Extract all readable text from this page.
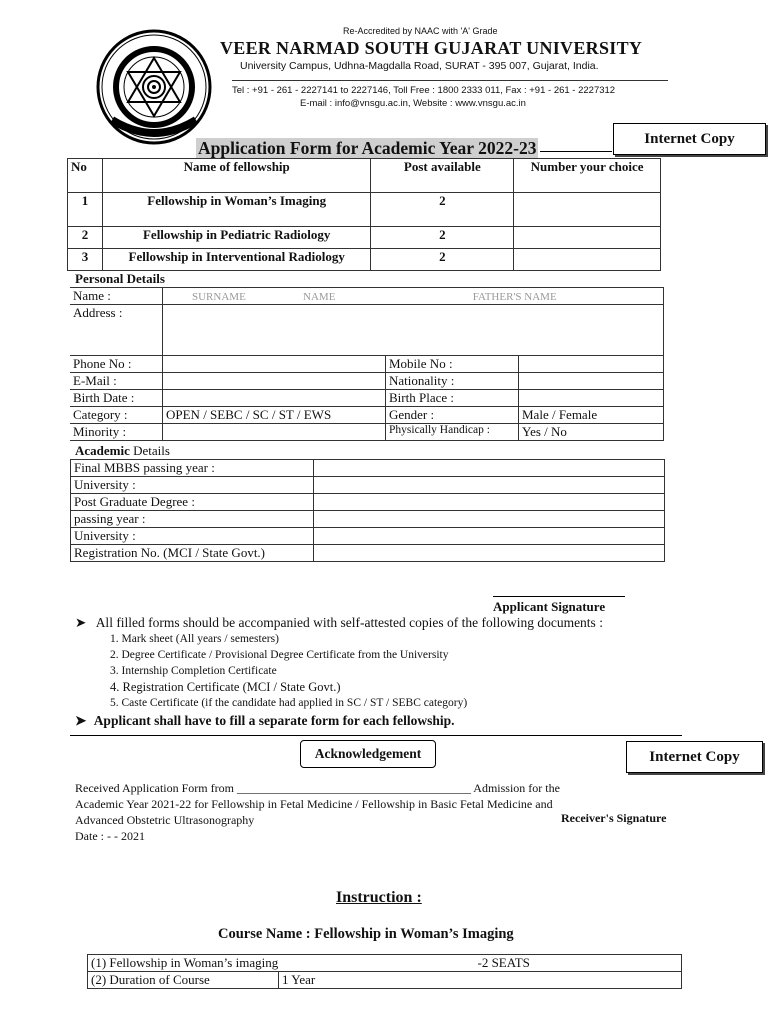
Re-Accredited by NAAC with 'A' Grade
VEER NARMAD SOUTH GUJARAT UNIVERSITY
University Campus, Udhna-Magdalla Road, SURAT - 395 007, Gujarat, India.
Tel : +91 - 261 - 2227141 to 2227146, Toll Free : 1800 2333 011, Fax : +91 - 261 - 2227312
E-mail : info@vnsgu.ac.in, Website : www.vnsgu.ac.in
Internet Copy
Application Form for Academic Year 2022-23
No	Name of fellowship	Post available	Number your choice
1	Fellowship in Woman’s Imaging	2	
2	Fellowship in Pediatric Radiology	2	
3	Fellowship in Interventional Radiology	2	
Personal Details
Name :	SURNAME NAME FATHER'S NAME		
Address :			
Phone No :		Mobile No :	
E-Mail :		Nationality :	
Birth Date :		Birth Place :	
Category :	OPEN / SEBC / SC / ST / EWS	Gender :	Male / Female
Minority :		Physically Handicap :	Yes / No
Academic Details
Final MBBS passing year :	
University :	
Post Graduate Degree :	
passing year :	
University :	
Registration No. (MCI / State Govt.)	
Applicant Signature
➤ All filled forms should be accompanied with self-attested copies of the following documents :
1. Mark sheet (All years / semesters)
2. Degree Certificate / Provisional Degree Certificate from the University
3. Internship Completion Certificate
4. Registration Certificate (MCI / State Govt.)
5. Caste Certificate (if the candidate had applied in SC / ST / SEBC category)
➤ Applicant shall have to fill a separate form for each fellowship.
Acknowledgement	Internet Copy
Received Application Form from _______________________________________ Admission for the
Academic Year 2021-22 for Fellowship in Fetal Medicine / Fellowship in Basic Fetal Medicine and
Advanced Obstetric Ultrasonography
Date : - - 2021
Receiver's Signature
Instruction :
Course Name : Fellowship in Woman’s Imaging
(1) Fellowship in Woman’s imaging	-2 SEATS

(2) Duration of Course	1 Year
